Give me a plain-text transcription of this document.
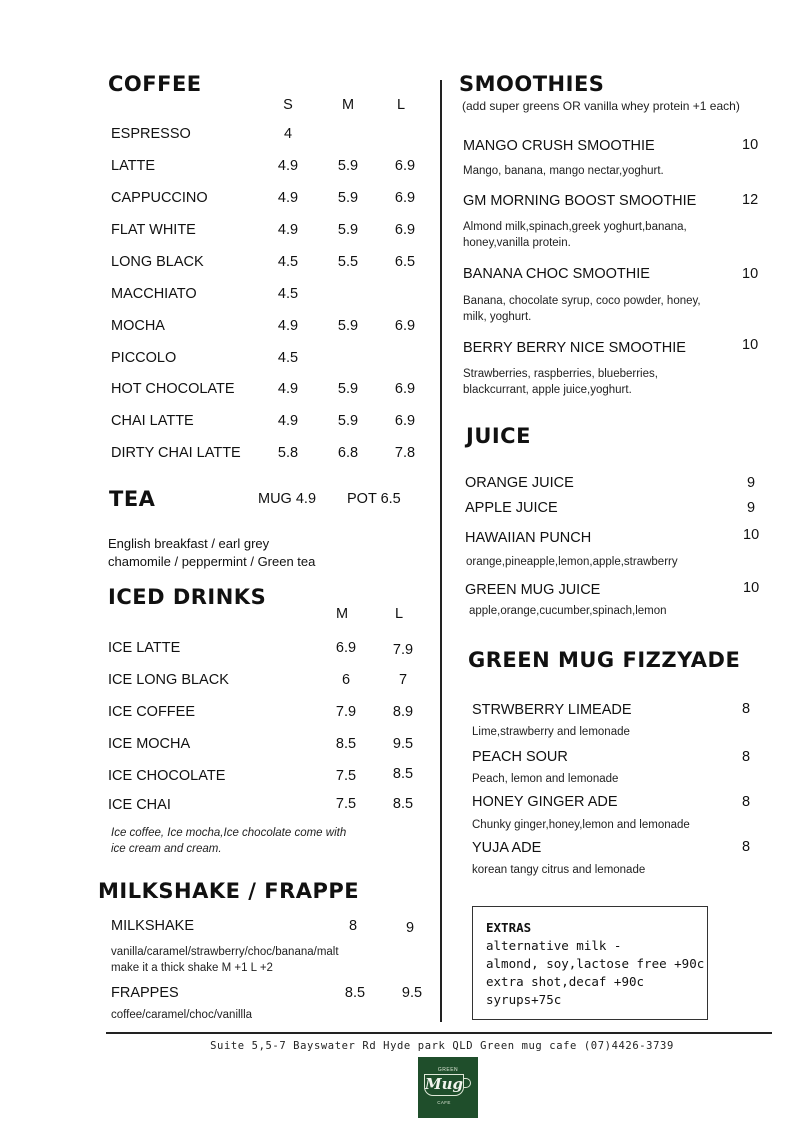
COFFEE
S	M	L
ESPRESSO	4
LATTE	4.9	5.9	6.9
CAPPUCCINO	4.9	5.9	6.9
FLAT WHITE	4.9	5.9	6.9
LONG BLACK	4.5	5.5	6.5
MACCHIATO	4.5
MOCHA	4.9	5.9	6.9
PICCOLO	4.5
HOT CHOCOLATE	4.9	5.9	6.9
CHAI LATTE	4.9	5.9	6.9
DIRTY CHAI LATTE	5.8	6.8	7.8
TEA	MUG 4.9 POT 6.5
English breakfast / earl grey
chamomile / peppermint / Green tea
ICED DRINKS
M	L
ICE LATTE	6.9	7.9
ICE LONG BLACK	6	7
ICE COFFEE	7.9	8.9
ICE MOCHA	8.5	9.5
ICE CHOCOLATE	7.5	8.5
ICE CHAI	7.5	8.5
Ice coffee, Ice mocha,Ice chocolate come with
ice cream and cream.
MILKSHAKE / FRAPPE
MILKSHAKE	8	9
vanilla/caramel/strawberry/choc/banana/malt
make it a thick shake M +1 L +2
FRAPPES	8.5	9.5
coffee/caramel/choc/vanillla
SMOOTHIES
(add super greens OR vanilla whey protein +1 each)
MANGO CRUSH SMOOTHIE	10
Mango, banana, mango nectar,yoghurt.
GM MORNING BOOST SMOOTHIE	12
Almond milk,spinach,greek yoghurt,banana,
honey,vanilla protein.
BANANA CHOC SMOOTHIE	10
Banana, chocolate syrup, coco powder, honey,
milk, yoghurt.
BERRY BERRY NICE SMOOTHIE	10
Strawberries, raspberries, blueberries,
blackcurrant, apple juice,yoghurt.
JUICE
ORANGE JUICE	9
APPLE JUICE	9
HAWAIIAN PUNCH	10
orange,pineapple,lemon,apple,strawberry
GREEN MUG JUICE	10
apple,orange,cucumber,spinach,lemon
GREEN MUG FIZZYADE
STRWBERRY LIMEADE	8
Lime,strawberry and lemonade
PEACH SOUR	8
Peach, lemon and lemonade
HONEY GINGER ADE	8
Chunky ginger,honey,lemon and lemonade
YUJA ADE	8
korean tangy citrus and lemonade
EXTRAS
alternative milk -
almond, soy,lactose free +90c
extra shot,decaf +90c
syrups+75c
Suite 5,5-7 Bayswater Rd Hyde park QLD Green mug cafe (07)4426-3739
GREEN
Mug
CAFE
